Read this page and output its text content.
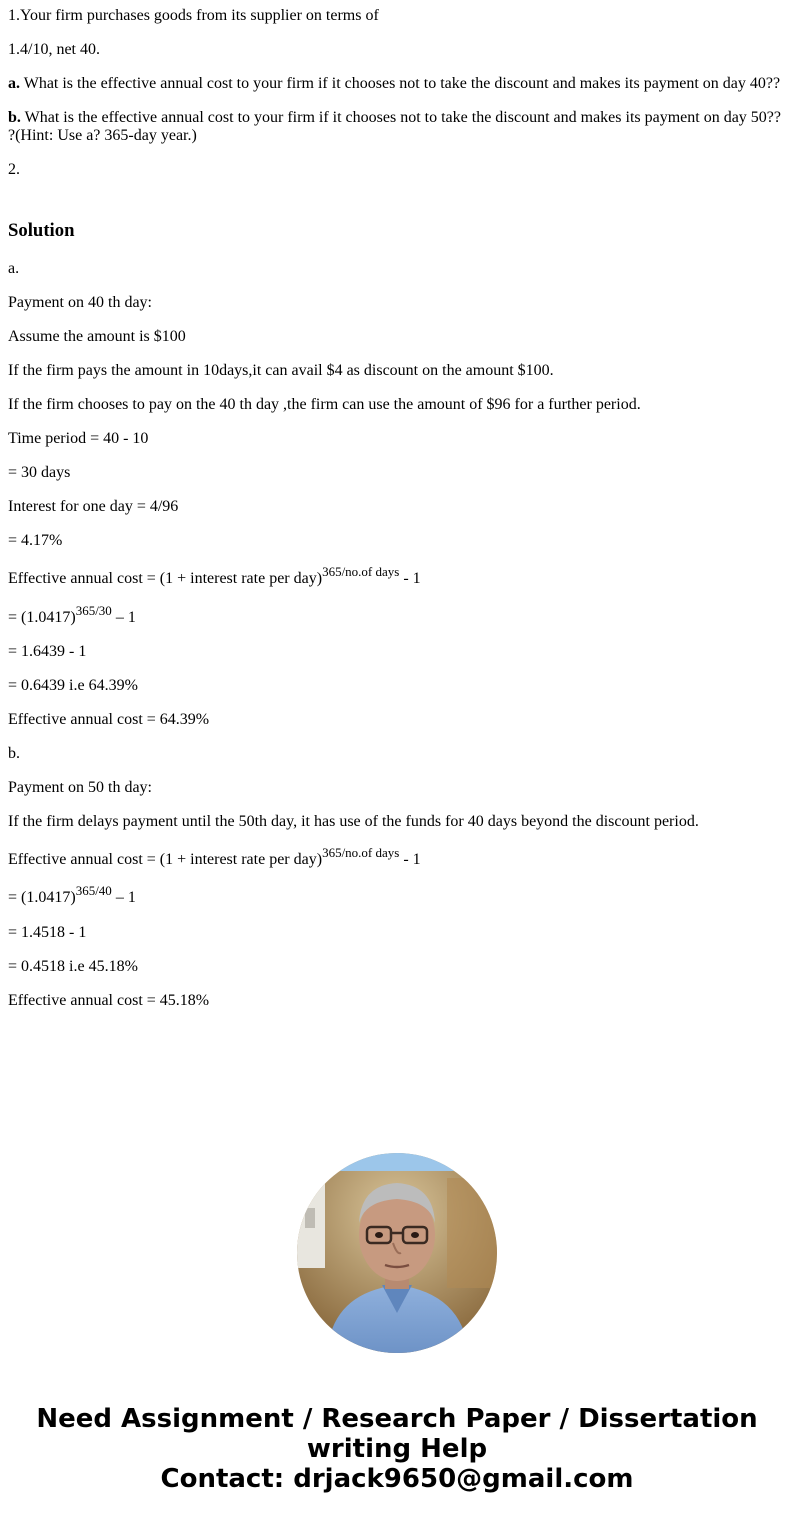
1.Your firm purchases goods from its supplier on terms of

1.4/10, net 40.

a. What is the effective annual cost to your firm if it chooses not to take the discount and makes its payment on day 40??

b. What is the effective annual cost to your firm if it chooses not to take the discount and makes its payment on day 50?? ?(Hint: Use a? 365-day year.)

2.

Solution

a.

Payment on 40 th day:

Assume the amount is $100

If the firm pays the amount in 10days,it can avail $4 as discount on the amount $100.

If the firm chooses to pay on the 40 th day ,the firm can use the amount of $96 for a further period.

Time period = 40 - 10

= 30 days

Interest for one day = 4/96

= 4.17%

Effective annual cost = (1 + interest rate per day)$^{365/no.of days}$ - 1

= $(1.0417)^{365/30} - 1$

= 1.6439 - 1

= 0.6439 i.e 64.39%

Effective annual cost = 64.39%

b.

Payment on 50 th day:

If the firm delays payment until the 50th day, it has use of the funds for 40 days beyond the discount period.

Effective annual cost = (1 + interest rate per day)$^{365/no.of days}$ - 1

= $(1.0417)^{365/40} - 1$

= 1.4518 - 1

= 0.4518 i.e 45.18%

Effective annual cost = 45.18%

Need Assignment / Research Paper / Dissertation
writing Help
Contact: drjack9650@gmail.com
